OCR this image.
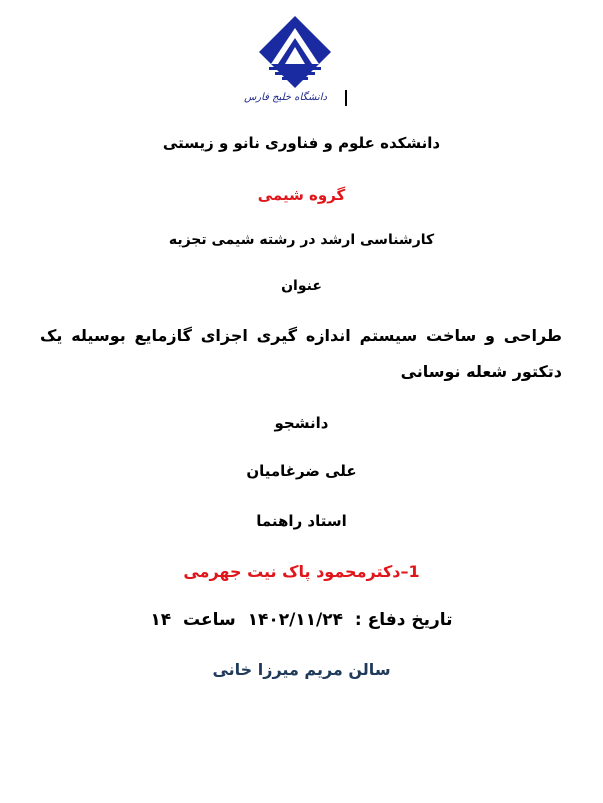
دانشگاه خلیج فارس
دانشکده علوم و فناوری نانو و زیستی
گروه شیمی
کارشناسی ارشد در رشته شیمی تجزیه
عنوان
طراحی و ساخت سیستم اندازه گیری اجزای گازمایع بوسیله یک دتکتور شعله نوسانی
دانشجو
علی ضرغامیان
استاد راهنما
1–دکترمحمود پاک نیت جهرمی
تاریخ دفاع :  ۱۴۰۲/۱۱/۲۴  ساعت  ۱۴
سالن مریم میرزا خانی
